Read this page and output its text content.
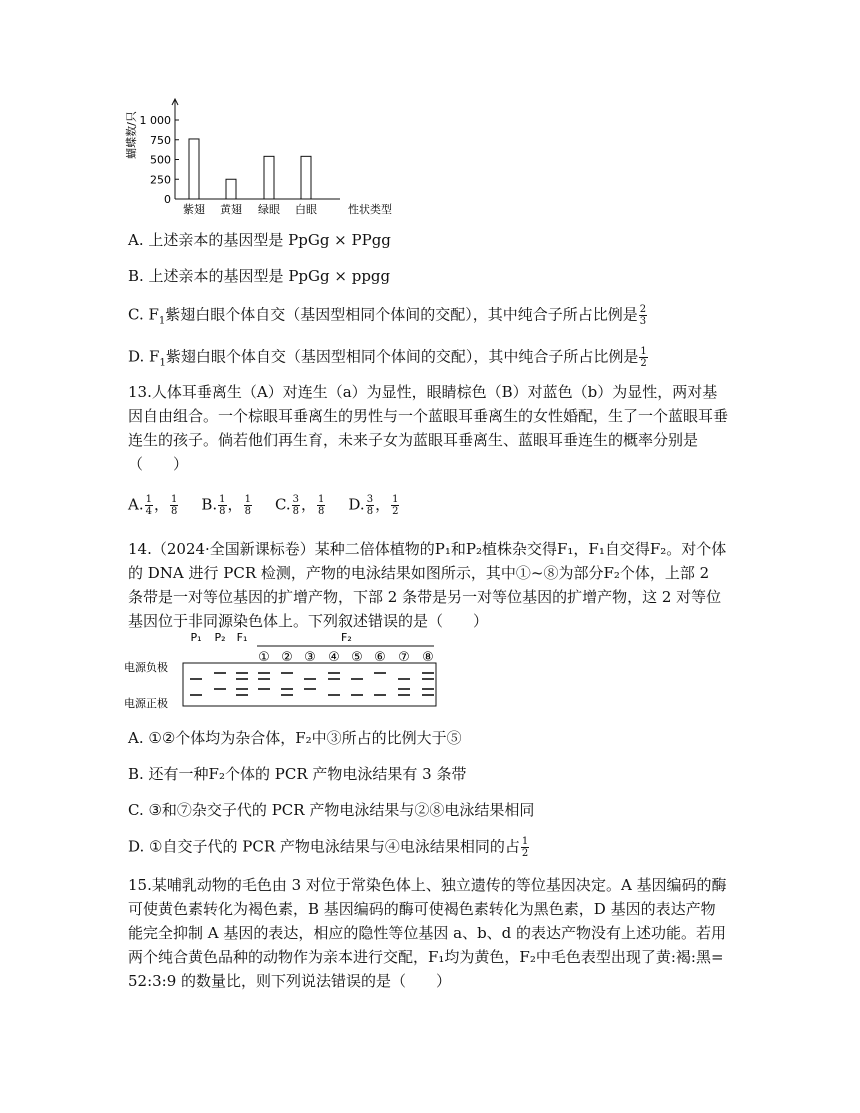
蝴蝶数/只
0
250
500
750
1 000
紫翅 黄翅 绿眼 白眼	性状类型
A. 上述亲本的基因型是 PpGg × PPgg
B. 上述亲本的基因型是 PpGg × ppgg
C. $F_1$紫翅白眼个体自交（基因型相同个体间的交配），其中纯合子所占比例是 $\frac{2}{3}$
D. $F_1$紫翅白眼个体自交（基因型相同个体间的交配），其中纯合子所占比例是 $\frac{1}{2}$
13.人体耳垂离生（A）对连生（a）为显性，眼睛棕色（B）对蓝色（b）为显性，两对基因自由组合。一个棕眼耳垂离生的男性与一个蓝眼耳垂离生的女性婚配，生了一个蓝眼耳垂连生的孩子。倘若他们再生育，未来子女为蓝眼耳垂离生、蓝眼耳垂连生的概率分别是（　　）
A. $\frac{1}{4}$ ， $\frac{1}{8} B$. $\frac{1}{8}$ ， $\frac{1}{8} C$. $\frac{3}{8}$ ， $\frac{1}{8} D$. $\frac{3}{8}$ ， $\frac{1}{2}$
14.（2024·全国新课标卷）某种二倍体植物的P₁和P₂植株杂交得F₁，F₁自交得F₂。对个体的 DNA 进行 PCR 检测，产物的电泳结果如图所示，其中①~⑧为部分F₂个体，上部 2 条带是一对等位基因的扩增产物，下部 2 条带是另一对等位基因的扩增产物，这 2 对等位基因位于非同源染色体上。下列叙述错误的是（　　）
P₁ P₂ F₁
① ② ③ ④ ⑤ ⑥ ⑦ ⑧
F₂
电源负极
电源正极
A. ①②个体均为杂合体，F₂中③所占的比例大于⑤
B. 还有一种F₂个体的 PCR 产物电泳结果有 3 条带
C. ③和⑦杂交子代的 PCR 产物电泳结果与②⑧电泳结果相同
D. ①自交子代的 PCR 产物电泳结果与④电泳结果相同的占 $\frac{1}{2}$
15.某哺乳动物的毛色由 3 对位于常染色体上、独立遗传的等位基因决定。A 基因编码的酶可使黄色素转化为褐色素，B 基因编码的酶可使褐色素转化为黑色素，D 基因的表达产物能完全抑制 A 基因的表达，相应的隐性等位基因 a、b、d 的表达产物没有上述功能。若用两个纯合黄色品种的动物作为亲本进行交配，F₁均为黄色，F₂中毛色表型出现了黄:褐:黑= 52:3:9 的数量比，则下列说法错误的是（　　）
